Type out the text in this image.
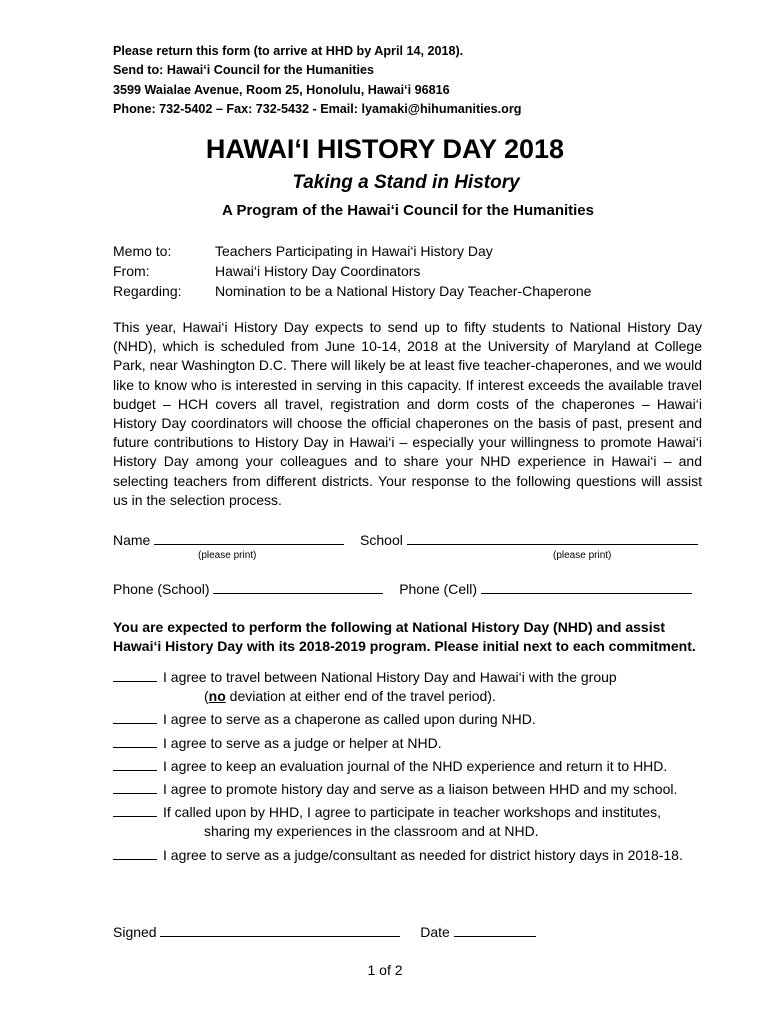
Please return this form (to arrive at HHD by April 14, 2018).
Send to: Hawai‘i Council for the Humanities
3599 Waialae Avenue, Room 25, Honolulu, Hawai‘i 96816
Phone: 732-5402 – Fax: 732-5432 - Email: lyamaki@hihumanities.org
HAWAI‘I HISTORY DAY 2018
Taking a Stand in History
A Program of the Hawai‘i Council for the Humanities
Memo to:	Teachers Participating in Hawai‘i History Day
From:	Hawai‘i History Day Coordinators
Regarding: Nomination to be a National History Day Teacher-Chaperone
This year, Hawai‘i History Day expects to send up to fifty students to National History Day (NHD), which is scheduled from June 10-14, 2018 at the University of Maryland at College Park, near Washington D.C. There will likely be at least five teacher-chaperones, and we would like to know who is interested in serving in this capacity. If interest exceeds the available travel budget – HCH covers all travel, registration and dorm costs of the chaperones – Hawai‘i History Day coordinators will choose the official chaperones on the basis of past, present and future contributions to History Day in Hawai‘i – especially your willingness to promote Hawai‘i History Day among your colleagues and to share your NHD experience in Hawai‘i – and selecting teachers from different districts. Your response to the following questions will assist us in the selection process.
Name	School
(please print)	(please print)
Phone (School)	Phone (Cell)
You are expected to perform the following at National History Day (NHD) and assist Hawai‘i History Day with its 2018-2019 program. Please initial next to each commitment.
I agree to travel between National History Day and Hawai‘i with the group
(no deviation at either end of the travel period).
I agree to serve as a chaperone as called upon during NHD.
I agree to serve as a judge or helper at NHD.
I agree to keep an evaluation journal of the NHD experience and return it to HHD.
I agree to promote history day and serve as a liaison between HHD and my school.
If called upon by HHD, I agree to participate in teacher workshops and institutes,
sharing my experiences in the classroom and at NHD.
I agree to serve as a judge/consultant as needed for district history days in 2018-18.
Signed	Date
1 of 2
